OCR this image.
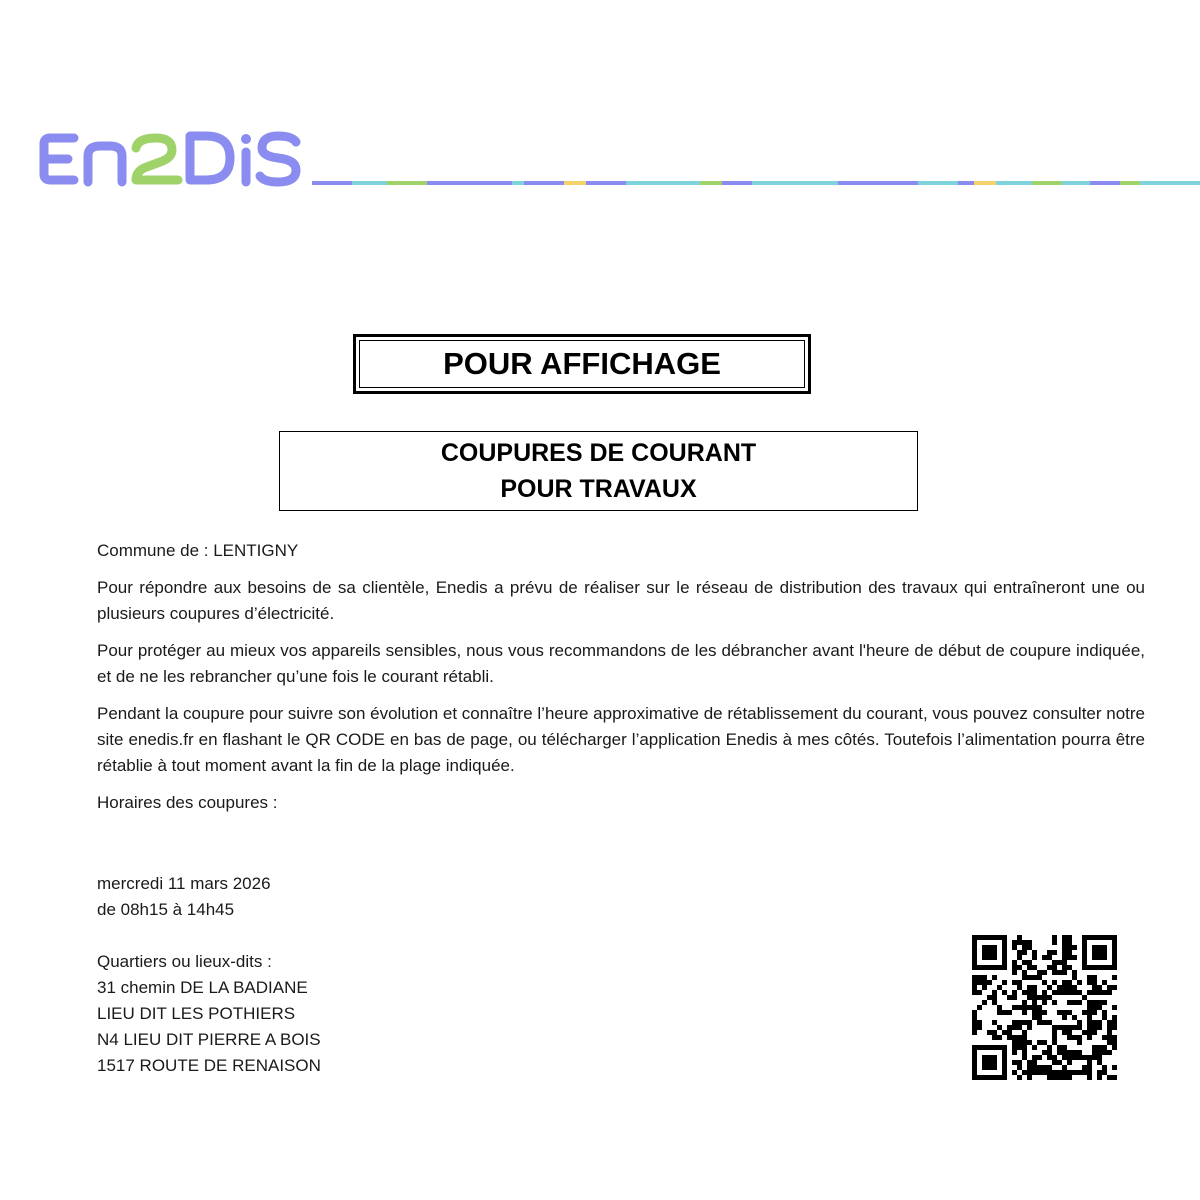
POUR AFFICHAGE
COUPURES DE COURANT
POUR TRAVAUX

Commune de : LENTIGNY

Pour répondre aux besoins de sa clientèle, Enedis a prévu de réaliser sur le réseau de distribution des travaux qui entraîneront une ou plusieurs coupures d’électricité.

Pour protéger au mieux vos appareils sensibles, nous vous recommandons de les débrancher avant l'heure de début de coupure indiquée, et de ne les rebrancher qu’une fois le courant rétabli.

Pendant la coupure pour suivre son évolution et connaître l’heure approximative de rétablissement du courant, vous pouvez consulter notre site enedis.fr en flashant le QR CODE en bas de page, ou télécharger l’application Enedis à mes côtés. Toutefois l’alimentation pourra être rétablie à tout moment avant la fin de la plage indiquée.

Horaires des coupures :

mercredi 11 mars 2026
de 08h15 à 14h45
Quartiers ou lieux-dits :
31 chemin DE LA BADIANE
LIEU DIT LES POTHIERS
N4 LIEU DIT PIERRE A BOIS
1517 ROUTE DE RENAISON
